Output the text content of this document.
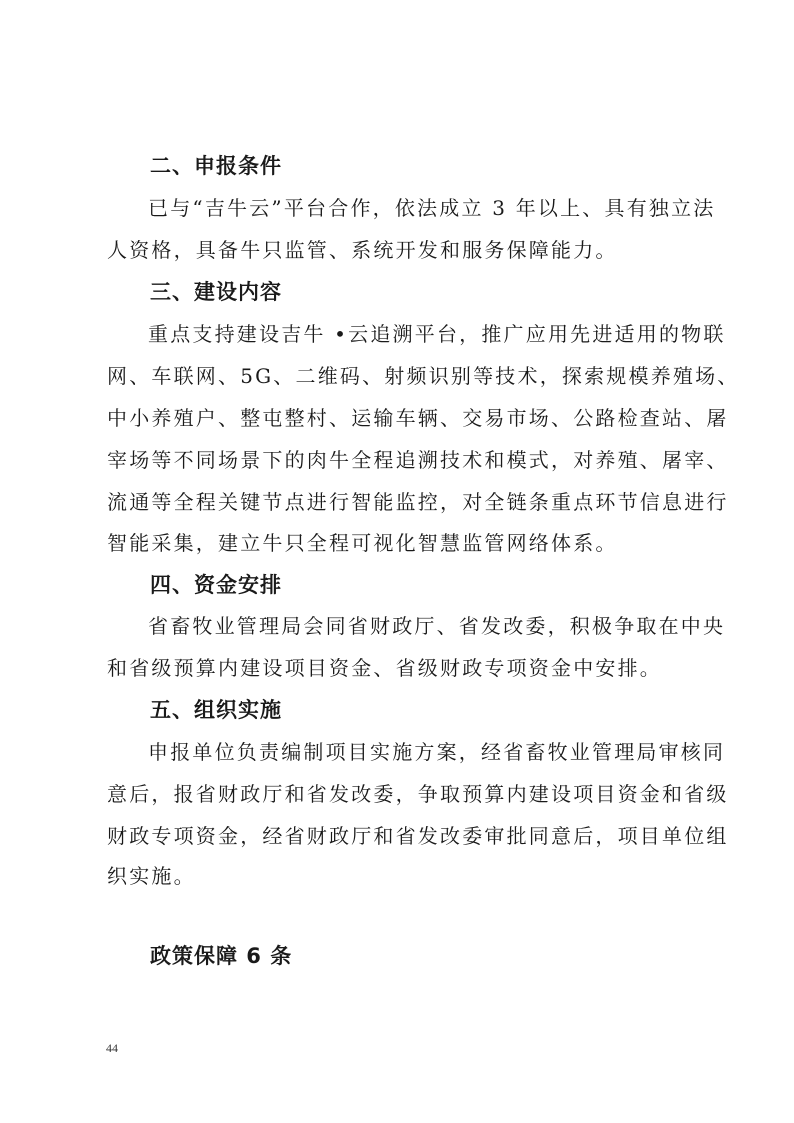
二、申报条件
已与“吉牛云”平台合作，依法成立 3 年以上、具有独立法
人资格，具备牛只监管、系统开发和服务保障能力。
三、建设内容
重点支持建设吉牛 •云追溯平台，推广应用先进适用的物联
网、车联网、5G、二维码、射频识别等技术，探索规模养殖场、
中小养殖户、整屯整村、运输车辆、交易市场、公路检查站、屠
宰场等不同场景下的肉牛全程追溯技术和模式，对养殖、屠宰、
流通等全程关键节点进行智能监控，对全链条重点环节信息进行
智能采集，建立牛只全程可视化智慧监管网络体系。
四、资金安排
省畜牧业管理局会同省财政厅、省发改委，积极争取在中央
和省级预算内建设项目资金、省级财政专项资金中安排。
五、组织实施
申报单位负责编制项目实施方案，经省畜牧业管理局审核同
意后，报省财政厅和省发改委，争取预算内建设项目资金和省级
财政专项资金，经省财政厅和省发改委审批同意后，项目单位组
织实施。
政策保障 6 条
44
